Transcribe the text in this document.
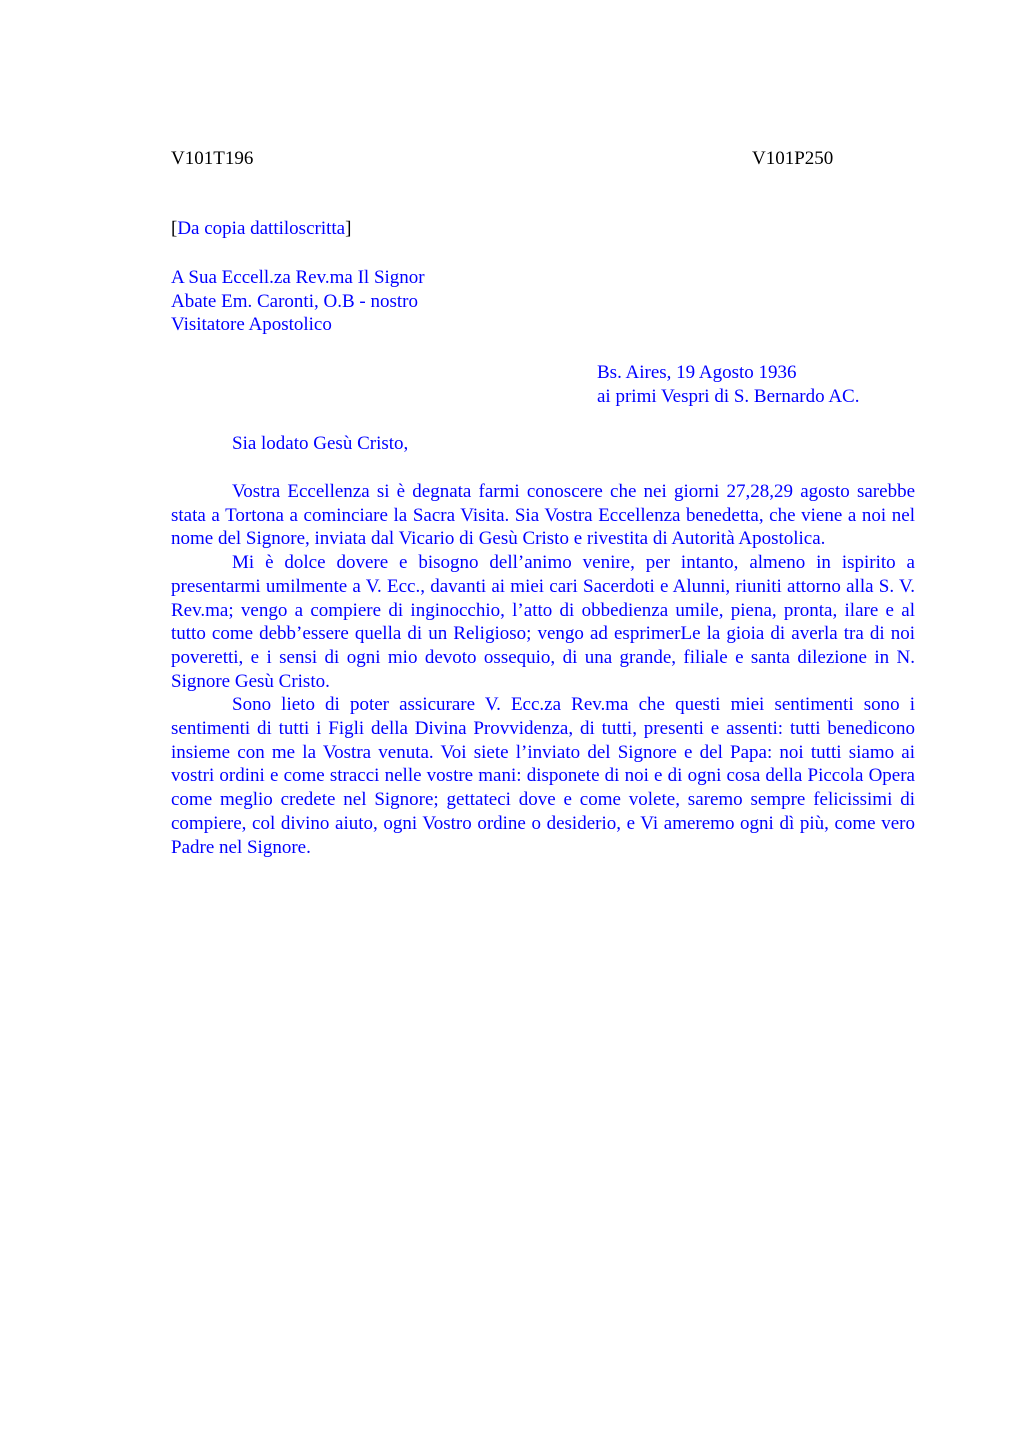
V101T196	V101P250
[Da copia dattiloscritta]
A Sua Eccell.za Rev.ma Il Signor
Abate Em. Caronti, O.B - nostro
Visitatore Apostolico
Bs. Aires, 19 Agosto 1936
ai primi Vespri di S. Bernardo AC.
Sia lodato Gesù Cristo,

Vostra Eccellenza si è degnata farmi conoscere che nei giorni 27,28,29 agosto sarebbe stata a Tortona a cominciare la Sacra Visita. Sia Vostra Eccellenza benedetta, che viene a noi nel nome del Signore, inviata dal Vicario di Gesù Cristo e rivestita di Autorità Apostolica.

Mi è dolce dovere e bisogno dell’animo venire, per intanto, almeno in ispirito a presentarmi umilmente a V. Ecc., davanti ai miei cari Sacerdoti e Alunni, riuniti attorno alla S. V. Rev.ma; vengo a compiere di inginocchio, l’atto di obbedienza umile, piena, pronta, ilare e al tutto come debb’essere quella di un Religioso; vengo ad esprimerLe la gioia di averla tra di noi poveretti, e i sensi di ogni mio devoto ossequio, di una grande, filiale e santa dilezione in N. Signore Gesù Cristo.

Sono lieto di poter assicurare V. Ecc.za Rev.ma che questi miei sentimenti sono i sentimenti di tutti i Figli della Divina Provvidenza, di tutti, presenti e assenti: tutti benedicono insieme con me la Vostra venuta. Voi siete l’inviato del Signore e del Papa: noi tutti siamo ai vostri ordini e come stracci nelle vostre mani: disponete di noi e di ogni cosa della Piccola Opera come meglio credete nel Signore; gettateci dove e come volete, saremo sempre felicissimi di compiere, col divino aiuto, ogni Vostro ordine o desiderio, e Vi ameremo ogni dì più, come vero Padre nel Signore.
